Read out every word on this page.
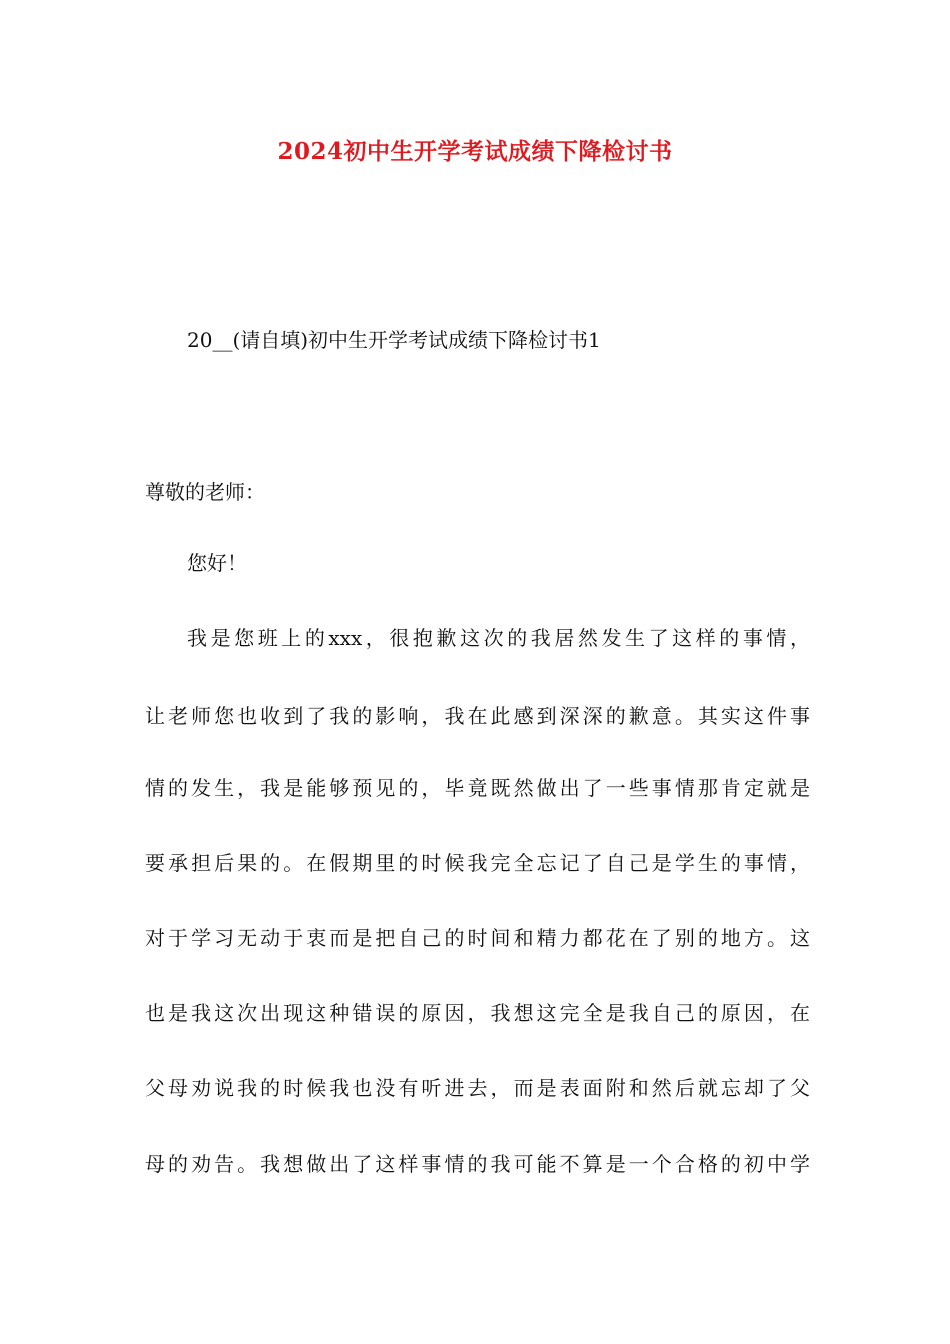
2024初中生开学考试成绩下降检讨书
20__(请自填)初中生开学考试成绩下降检讨书1
尊敬的老师：
您好！
我是您班上的xxx，很抱歉这次的我居然发生了这样的事情，
让老师您也收到了我的影响，我在此感到深深的歉意。其实这件事
情的发生，我是能够预见的，毕竟既然做出了一些事情那肯定就是
要承担后果的。在假期里的时候我完全忘记了自己是学生的事情，
对于学习无动于衷而是把自己的时间和精力都花在了别的地方。这
也是我这次出现这种错误的原因，我想这完全是我自己的原因，在
父母劝说我的时候我也没有听进去，而是表面附和然后就忘却了父
母的劝告。我想做出了这样事情的我可能不算是一个合格的初中学
